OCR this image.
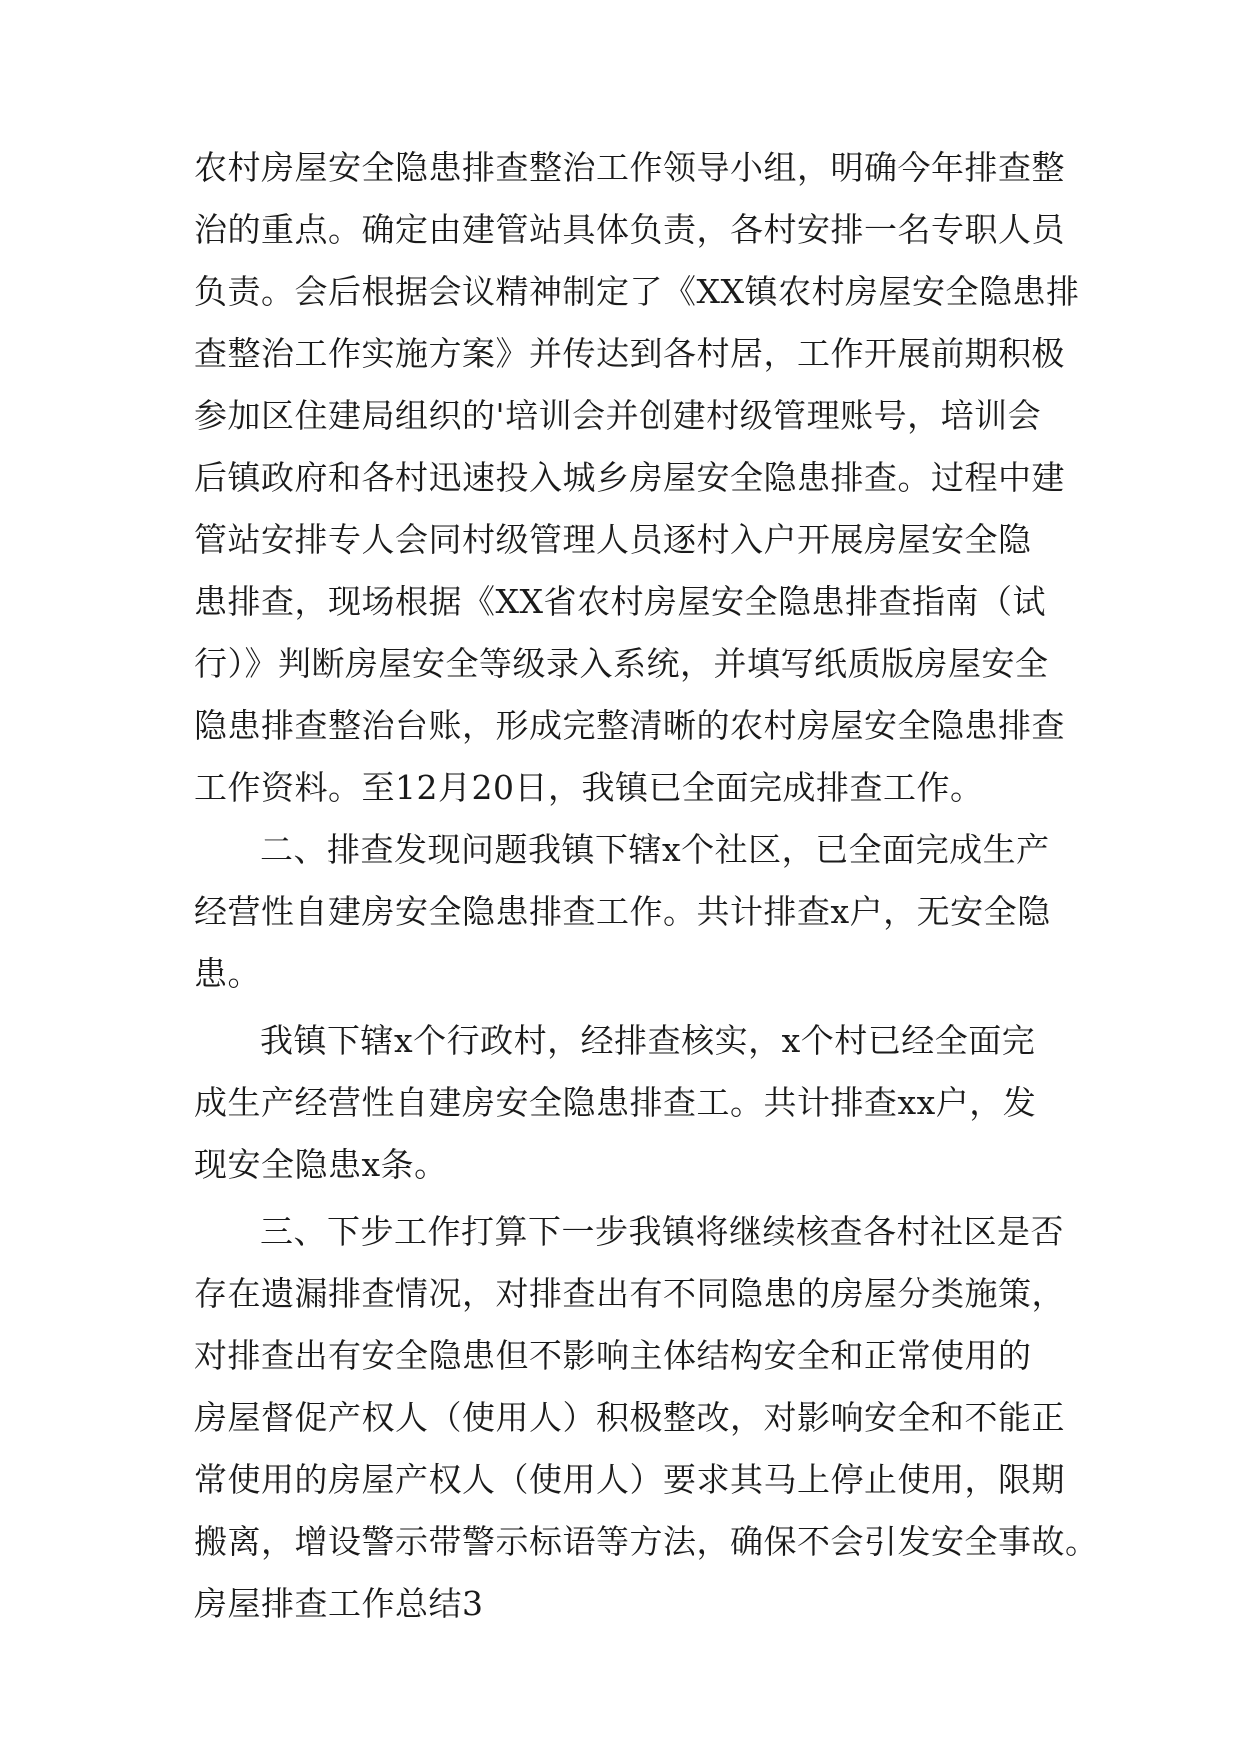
农村房屋安全隐患排查整治工作领导小组，明确今年排查整
治的重点。确定由建管站具体负责，各村安排一名专职人员
负责。会后根据会议精神制定了《XX镇农村房屋安全隐患排
查整治工作实施方案》并传达到各村居，工作开展前期积极
参加区住建局组织的'培训会并创建村级管理账号，培训会
后镇政府和各村迅速投入城乡房屋安全隐患排查。过程中建
管站安排专人会同村级管理人员逐村入户开展房屋安全隐
患排查，现场根据《XX省农村房屋安全隐患排查指南（试
行）》判断房屋安全等级录入系统，并填写纸质版房屋安全
隐患排查整治台账，形成完整清晰的农村房屋安全隐患排查
工作资料。至12月20日，我镇已全面完成排查工作。
二、排查发现问题我镇下辖x个社区，已全面完成生产
经营性自建房安全隐患排查工作。共计排查x户，无安全隐
患。
我镇下辖x个行政村，经排查核实，x个村已经全面完
成生产经营性自建房安全隐患排查工。共计排查xx户，发
现安全隐患x条。
三、下步工作打算下一步我镇将继续核查各村社区是否
存在遗漏排查情况，对排查出有不同隐患的房屋分类施策，
对排查出有安全隐患但不影响主体结构安全和正常使用的
房屋督促产权人（使用人）积极整改，对影响安全和不能正
常使用的房屋产权人（使用人）要求其马上停止使用，限期
搬离，增设警示带警示标语等方法，确保不会引发安全事故。
房屋排查工作总结3
